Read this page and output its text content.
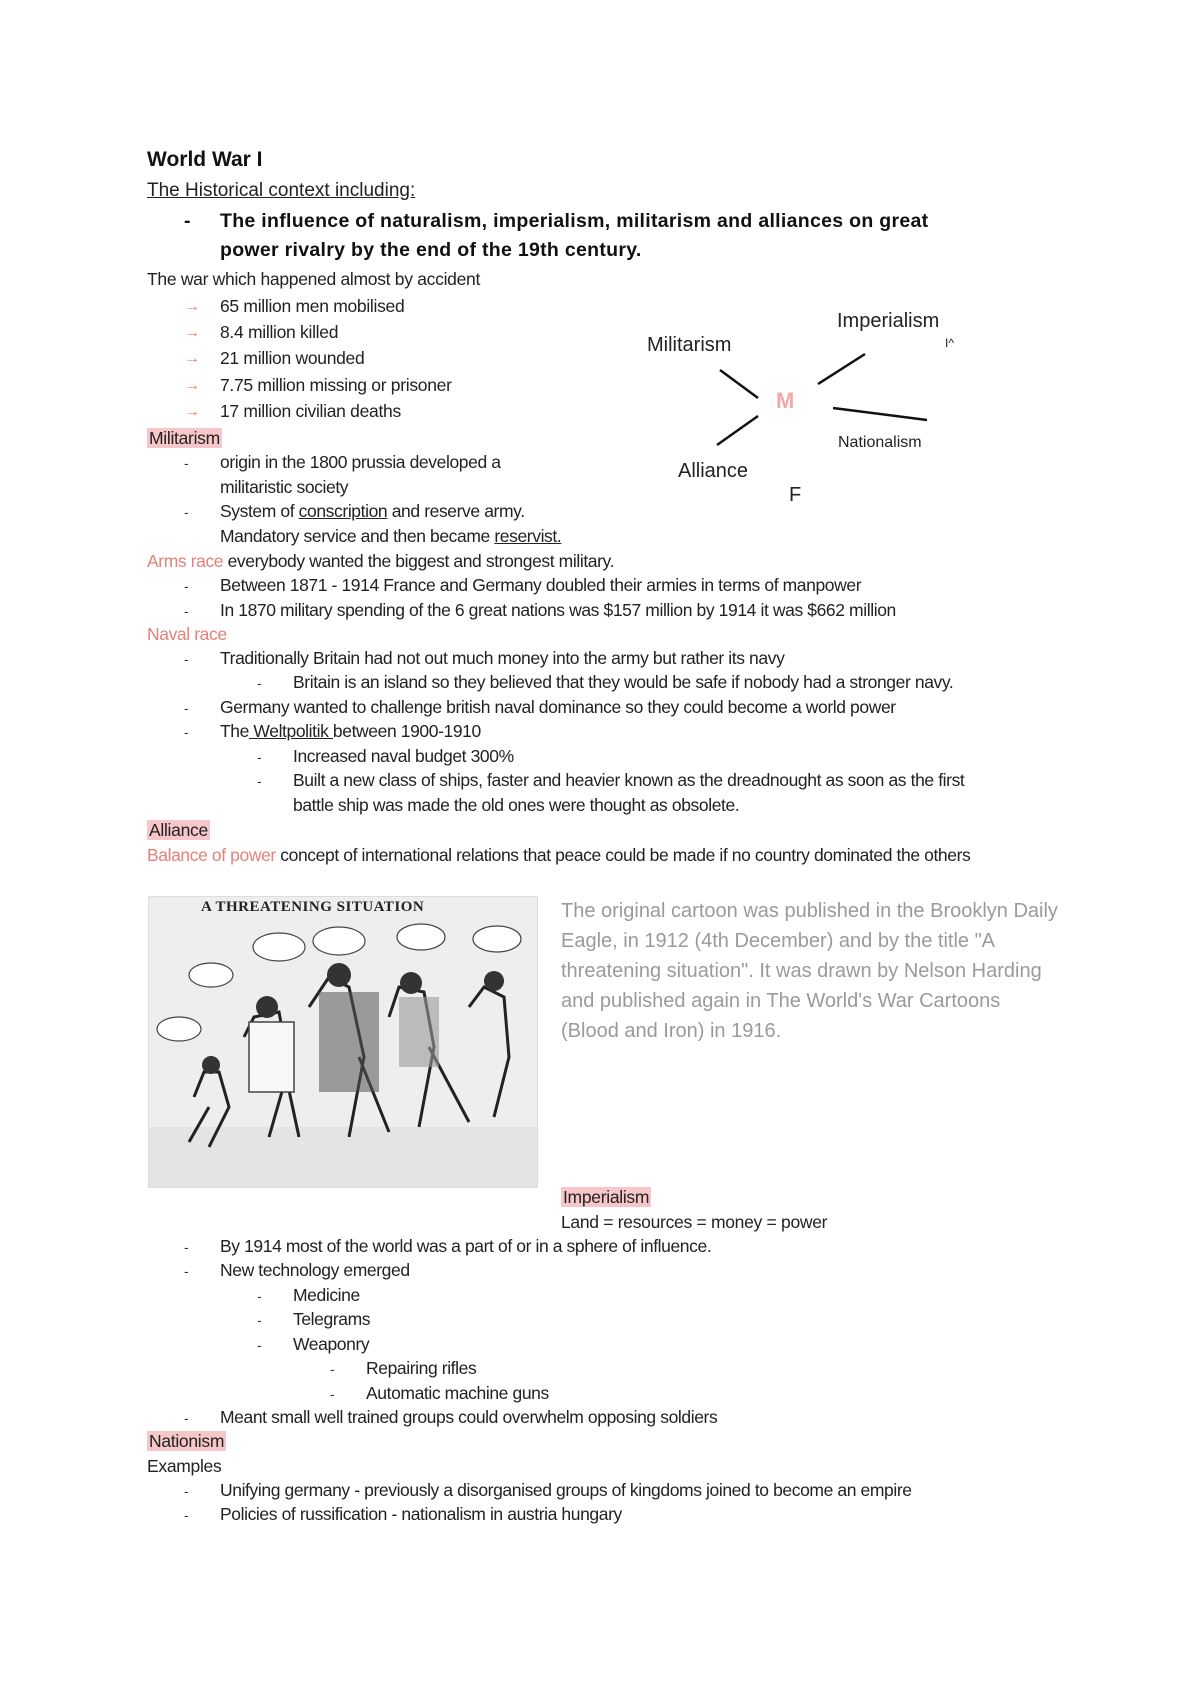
World War I
The Historical context including:
- The influence of naturalism, imperialism, militarism and alliances on great
power rivalry by the end of the 19th century.
The war which happened almost by accident
→ 65 million men mobilised
→ 8.4 million killed
→ 21 million wounded
→ 7.75 million missing or prisoner
→ 17 million civilian deaths
Militarism
Imperialism
I^
M
Nationalism
Alliance
F
Militarism
- origin in the 1800 prussia developed a
militaristic society
- System of conscription and reserve army.
Mandatory service and then became reservist.
Arms race everybody wanted the biggest and strongest military.
- Between 1871 - 1914 France and Germany doubled their armies in terms of manpower
- In 1870 military spending of the 6 great nations was $157 million by 1914 it was $662 million
Naval race
- Traditionally Britain had not out much money into the army but rather its navy
- Britain is an island so they believed that they would be safe if nobody had a stronger navy.
- Germany wanted to challenge british naval dominance so they could become a world power
- The Weltpolitik between 1900-1910
- Increased naval budget 300%
- Built a new class of ships, faster and heavier known as the dreadnought as soon as the first
battle ship was made the old ones were thought as obsolete.
Alliance
Balance of power concept of international relations that peace could be made if no country dominated the others
A THREATENING SITUATION	The original cartoon was published in the Brooklyn Daily Eagle, in 1912 (4th December) and by the title "A threatening situation". It was drawn by Nelson Harding and published again in The World's War Cartoons (Blood and Iron) in 1916.
Imperialism
Land = resources = money = power
- By 1914 most of the world was a part of or in a sphere of influence.
- New technology emerged
- Medicine
- Telegrams
- Weaponry
- Repairing rifles
- Automatic machine guns
- Meant small well trained groups could overwhelm opposing soldiers
Nationism
Examples
- Unifying germany - previously a disorganised groups of kingdoms joined to become an empire
- Policies of russification - nationalism in austria hungary
